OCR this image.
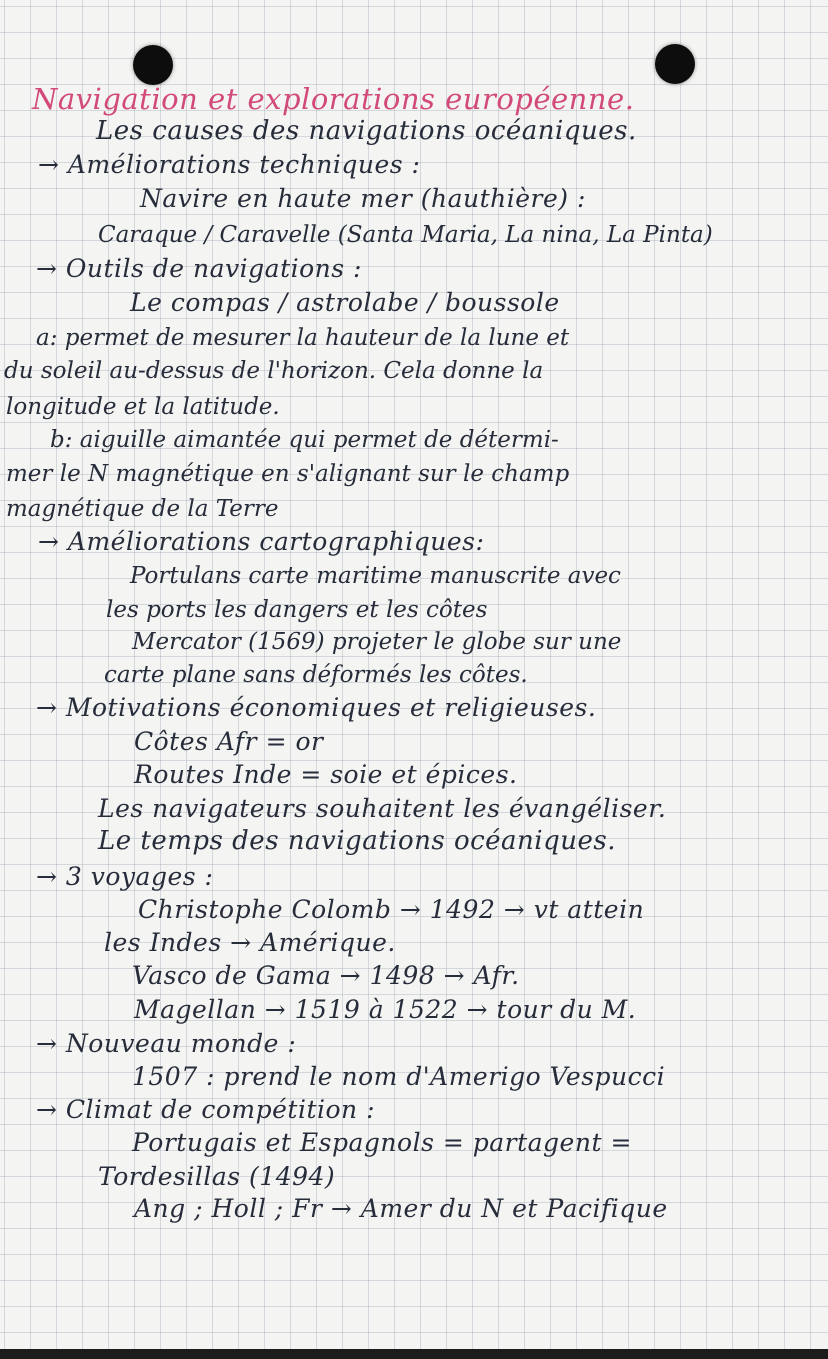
Navigation et explorations européenne.
Les causes des navigations océaniques.
→ Améliorations techniques :
Navire en haute mer (hauthière) :
Caraque / Caravelle (Santa Maria, La nina, La Pinta)
→ Outils de navigations :
Le compas / astrolabe / boussole
a: permet de mesurer la hauteur de la lune et
du soleil au-dessus de l'horizon. Cela donne la
longitude et la latitude.
b: aiguille aimantée qui permet de détermi-
mer le N magnétique en s'alignant sur le champ
magnétique de la Terre
→ Améliorations cartographiques:
Portulans carte maritime manuscrite avec
les ports les dangers et les côtes
Mercator (1569) projeter le globe sur une
carte plane sans déformés les côtes.
→ Motivations économiques et religieuses.
Côtes Afr = or
Routes Inde = soie et épices.
Les navigateurs souhaitent les évangéliser.
Le temps des navigations océaniques.
→ 3 voyages :
Christophe Colomb → 1492 → vt attein
les Indes → Amérique.
Vasco de Gama → 1498 → Afr.
Magellan → 1519 à 1522 → tour du M.
→ Nouveau monde :
1507 : prend le nom d'Amerigo Vespucci
→ Climat de compétition :
Portugais et Espagnols = partagent =
Tordesillas (1494)
Ang ; Holl ; Fr → Amer du N et Pacifique
